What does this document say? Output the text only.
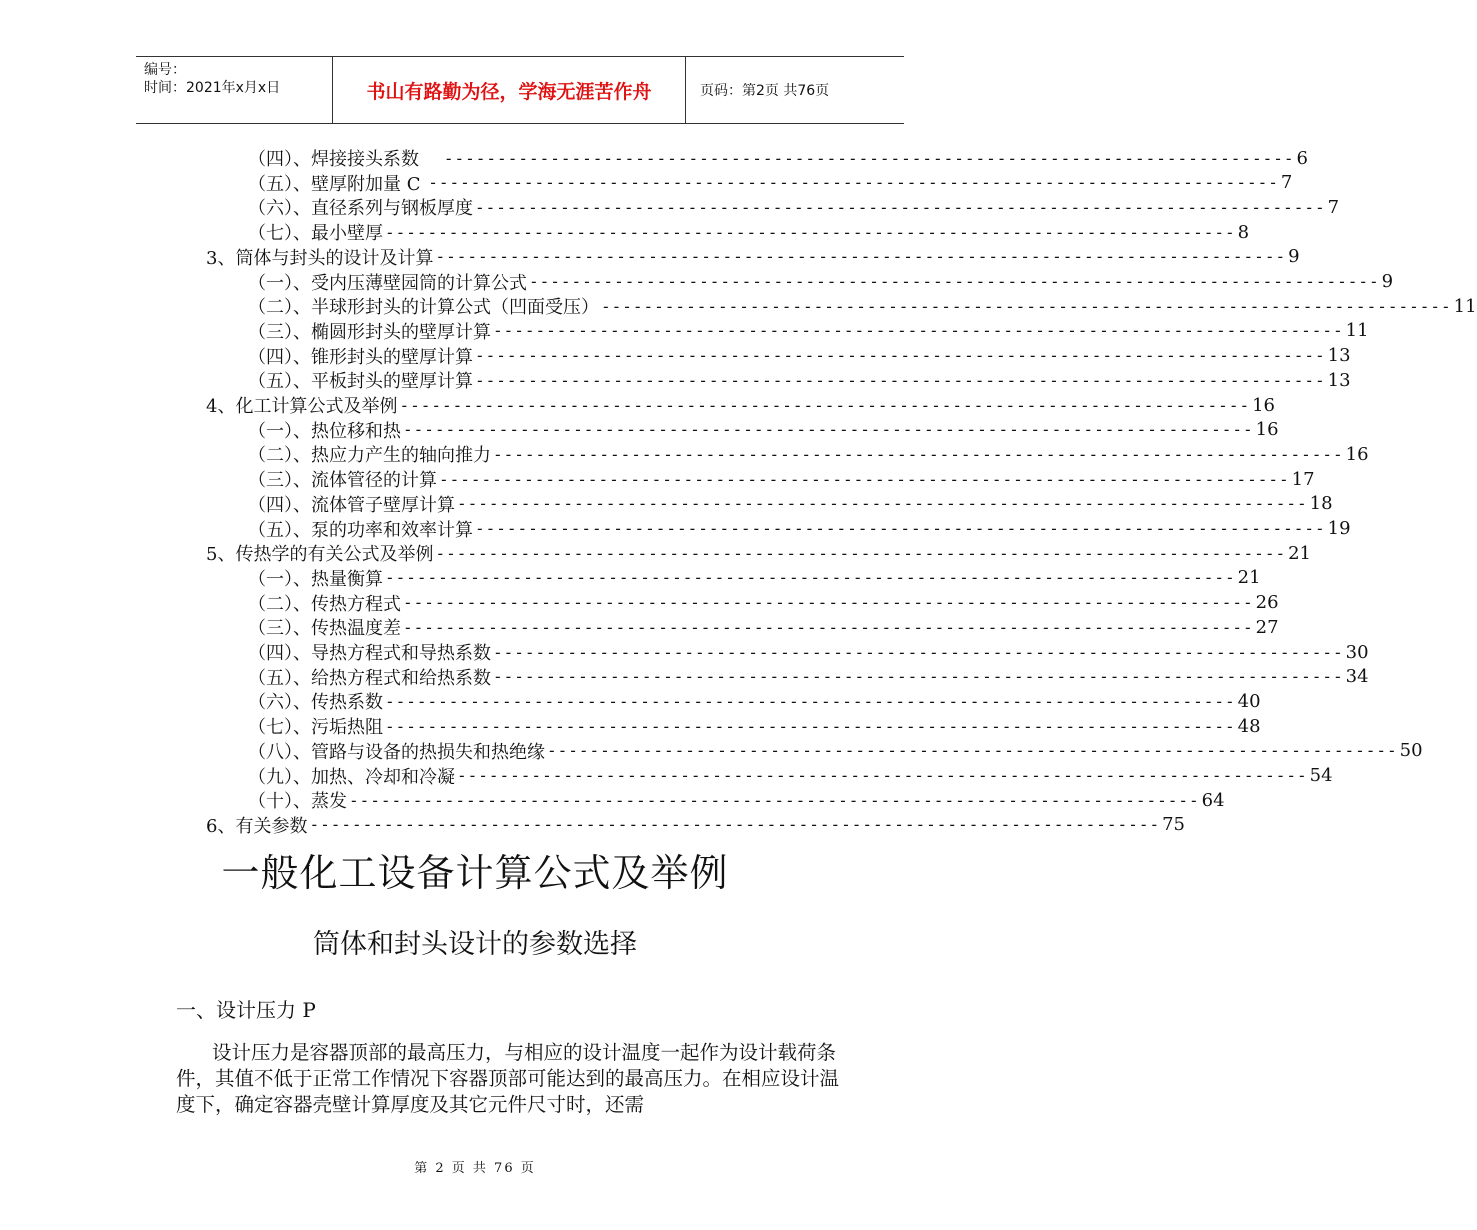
编号：
时间：2021年x月x日	书山有路勤为径，学海无涯苦作舟	页码：第2页 共76页
（四）、焊接接头系数 -------------------------------------------------------------------------------- 6
（五）、壁厚附加量 C -------------------------------------------------------------------------------- 7
（六）、直径系列与钢板厚度 -------------------------------------------------------------------------------- 7
（七）、最小壁厚 -------------------------------------------------------------------------------- 8
3、筒体与封头的设计及计算 -------------------------------------------------------------------------------- 9
（一）、受内压薄壁园筒的计算公式 -------------------------------------------------------------------------------- 9
（二）、半球形封头的计算公式（凹面受压） -------------------------------------------------------------------------------- 11
（三）、椭圆形封头的壁厚计算 -------------------------------------------------------------------------------- 11
（四）、锥形封头的壁厚计算 -------------------------------------------------------------------------------- 13
（五）、平板封头的壁厚计算 -------------------------------------------------------------------------------- 13
4、化工计算公式及举例 -------------------------------------------------------------------------------- 16
（一）、热位移和热 -------------------------------------------------------------------------------- 16
（二）、热应力产生的轴向推力 -------------------------------------------------------------------------------- 16
（三）、流体管径的计算 -------------------------------------------------------------------------------- 17
（四）、流体管子壁厚计算 -------------------------------------------------------------------------------- 18
（五）、泵的功率和效率计算 -------------------------------------------------------------------------------- 19
5、传热学的有关公式及举例 -------------------------------------------------------------------------------- 21
（一）、热量衡算 -------------------------------------------------------------------------------- 21
（二）、传热方程式 -------------------------------------------------------------------------------- 26
（三）、传热温度差 -------------------------------------------------------------------------------- 27
（四）、导热方程式和导热系数 -------------------------------------------------------------------------------- 30
（五）、给热方程式和给热系数 -------------------------------------------------------------------------------- 34
（六）、传热系数 -------------------------------------------------------------------------------- 40
（七）、污垢热阻 -------------------------------------------------------------------------------- 48
（八）、管路与设备的热损失和热绝缘 -------------------------------------------------------------------------------- 50
（九）、加热、冷却和冷凝 -------------------------------------------------------------------------------- 54
（十）、蒸发 -------------------------------------------------------------------------------- 64
6、有关参数 -------------------------------------------------------------------------------- 75
一般化工设备计算公式及举例
筒体和封头设计的参数选择
一、设计压力 P
设计压力是容器顶部的最高压力，与相应的设计温度一起作为设计载荷条件，其值不低于正常工作情况下容器顶部可能达到的最高压力。在相应设计温度下，确定容器壳壁计算厚度及其它元件尺寸时，还需
第 2 页 共 76 页
